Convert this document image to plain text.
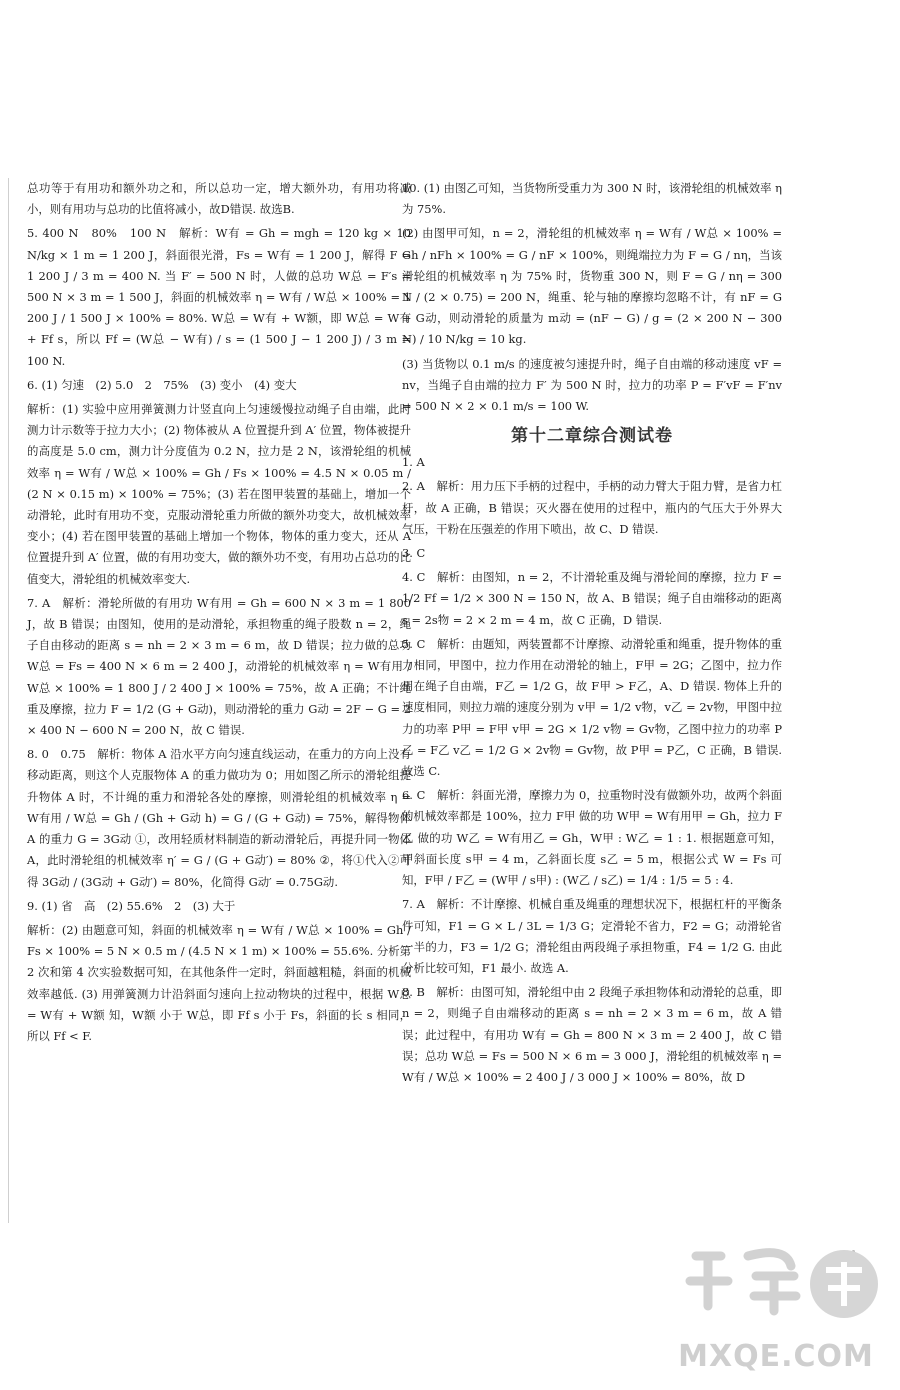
总功等于有用功和额外功之和，所以总功一定，增大额外功，有用功将减小，则有用功与总功的比值将减小，故D错误. 故选B.

5. 400 N　80%　100 N　解析：W有 = Gh = mgh = 120 kg × 10 N/kg × 1 m = 1 200 J，斜面很光滑，Fs = W有 = 1 200 J，解得 F = 1 200 J / 3 m = 400 N. 当 F′ = 500 N 时，人做的总功 W总 = F′s = 500 N × 3 m = 1 500 J，斜面的机械效率 η = W有 / W总 × 100% = 1 200 J / 1 500 J × 100% = 80%. W总 = W有 + W额，即 W总 = W有 + Ff s，所以 Ff = (W总 − W有) / s = (1 500 J − 1 200 J) / 3 m = 100 N.

6. (1) 匀速　(2) 5.0　2　75%　(3) 变小　(4) 变大

解析：(1) 实验中应用弹簧测力计竖直向上匀速缓慢拉动绳子自由端，此时测力计示数等于拉力大小；(2) 物体被从 A 位置提升到 A′ 位置，物体被提升的高度是 5.0 cm，测力计分度值为 0.2 N，拉力是 2 N，该滑轮组的机械效率 η = W有 / W总 × 100% = Gh / Fs × 100% = 4.5 N × 0.05 m / (2 N × 0.15 m) × 100% = 75%；(3) 若在图甲装置的基础上，增加一个动滑轮，此时有用功不变，克服动滑轮重力所做的额外功变大，故机械效率变小；(4) 若在图甲装置的基础上增加一个物体，物体的重力变大，还从 A 位置提升到 A′ 位置，做的有用功变大，做的额外功不变，有用功占总功的比值变大，滑轮组的机械效率变大.

7. A　解析：滑轮所做的有用功 W有用 = Gh = 600 N × 3 m = 1 800 J，故 B 错误；由图知，使用的是动滑轮，承担物重的绳子股数 n = 2，绳子自由移动的距离 s = nh = 2 × 3 m = 6 m，故 D 错误；拉力做的总功 W总 = Fs = 400 N × 6 m = 2 400 J，动滑轮的机械效率 η = W有用 / W总 × 100% = 1 800 J / 2 400 J × 100% = 75%，故 A 正确；不计绳重及摩擦，拉力 F = 1/2 (G + G动)，则动滑轮的重力 G动 = 2F − G = 2 × 400 N − 600 N = 200 N，故 C 错误.

8. 0　0.75　解析：物体 A 沿水平方向匀速直线运动，在重力的方向上没有移动距离，则这个人克服物体 A 的重力做功为 0；用如图乙所示的滑轮组提升物体 A 时，不计绳的重力和滑轮各处的摩擦，则滑轮组的机械效率 η = W有用 / W总 = Gh / (Gh + G动 h) = G / (G + G动) = 75%，解得物体 A 的重力 G = 3G动 ①，改用轻质材料制造的新动滑轮后，再提升同一物体 A，此时滑轮组的机械效率 η′ = G / (G + G动′) = 80% ②，将①代入②可得 3G动 / (3G动 + G动′) = 80%，化简得 G动′ = 0.75G动.

9. (1) 省　高　(2) 55.6%　2　(3) 大于

解析：(2) 由题意可知，斜面的机械效率 η = W有 / W总 × 100% = Gh / Fs × 100% = 5 N × 0.5 m / (4.5 N × 1 m) × 100% = 55.6%. 分析第 2 次和第 4 次实验数据可知，在其他条件一定时，斜面越粗糙，斜面的机械效率越低. (3) 用弹簧测力计沿斜面匀速向上拉动物块的过程中，根据 W总 = W有 + W额 知，W额 小于 W总，即 Ff s 小于 Fs，斜面的长 s 相同，所以 Ff < F.

10. (1) 由图乙可知，当货物所受重力为 300 N 时，该滑轮组的机械效率 η 为 75%.

(2) 由图甲可知，n = 2，滑轮组的机械效率 η = W有 / W总 × 100% = Gh / nFh × 100% = G / nF × 100%，则绳端拉力为 F = G / nη，当该滑轮组的机械效率 η 为 75% 时，货物重 300 N，则 F = G / nη = 300 N / (2 × 0.75) = 200 N，绳重、轮与轴的摩擦均忽略不计，有 nF = G + G动，则动滑轮的质量为 m动 = (nF − G) / g = (2 × 200 N − 300 N) / 10 N/kg = 10 kg.

(3) 当货物以 0.1 m/s 的速度被匀速提升时，绳子自由端的移动速度 vF = nv，当绳子自由端的拉力 F′ 为 500 N 时，拉力的功率 P = F′vF = F′nv = 500 N × 2 × 0.1 m/s = 100 W.

第十二章综合测试卷

1. A

2. A　解析：用力压下手柄的过程中，手柄的动力臂大于阻力臂，是省力杠杆，故 A 正确，B 错误；灭火器在使用的过程中，瓶内的气压大于外界大气压，干粉在压强差的作用下喷出，故 C、D 错误.

3. C

4. C　解析：由图知，n = 2，不计滑轮重及绳与滑轮间的摩擦，拉力 F = 1/2 Ff = 1/2 × 300 N = 150 N，故 A、B 错误；绳子自由端移动的距离 s = 2s物 = 2 × 2 m = 4 m，故 C 正确，D 错误.

5. C　解析：由题知，两装置都不计摩擦、动滑轮重和绳重，提升物体的重力相同，甲图中，拉力作用在动滑轮的轴上，F甲 = 2G；乙图中，拉力作用在绳子自由端，F乙 = 1/2 G，故 F甲 > F乙，A、D 错误. 物体上升的速度相同，则拉力端的速度分别为 v甲 = 1/2 v物，v乙 = 2v物，甲图中拉力的功率 P甲 = F甲 v甲 = 2G × 1/2 v物 = Gv物，乙图中拉力的功率 P乙 = F乙 v乙 = 1/2 G × 2v物 = Gv物，故 P甲 = P乙，C 正确，B 错误. 故选 C.

6. C　解析：斜面光滑，摩擦力为 0，拉重物时没有做额外功，故两个斜面的机械效率都是 100%，拉力 F甲 做的功 W甲 = W有用甲 = Gh，拉力 F乙 做的功 W乙 = W有用乙 = Gh，W甲 : W乙 = 1 : 1. 根据题意可知，甲斜面长度 s甲 = 4 m，乙斜面长度 s乙 = 5 m，根据公式 W = Fs 可知，F甲 / F乙 = (W甲 / s甲) : (W乙 / s乙) = 1/4 : 1/5 = 5 : 4.

7. A　解析：不计摩擦、机械自重及绳重的理想状况下，根据杠杆的平衡条件可知，F1 = G × L / 3L = 1/3 G；定滑轮不省力，F2 = G；动滑轮省一半的力，F3 = 1/2 G；滑轮组由两段绳子承担物重，F4 = 1/2 G. 由此分析比较可知，F1 最小. 故选 A.

8. B　解析：由图可知，滑轮组中由 2 段绳子承担物体和动滑轮的总重，即 n = 2，则绳子自由端移动的距离 s = nh = 2 × 3 m = 6 m，故 A 错误；此过程中，有用功 W有 = Gh = 800 N × 3 m = 2 400 J，故 C 错误；总功 W总 = Fs = 500 N × 6 m = 3 000 J，滑轮组的机械效率 η = W有 / W总 × 100% = 2 400 J / 3 000 J × 100% = 80%，故 D

MXQE.COM
